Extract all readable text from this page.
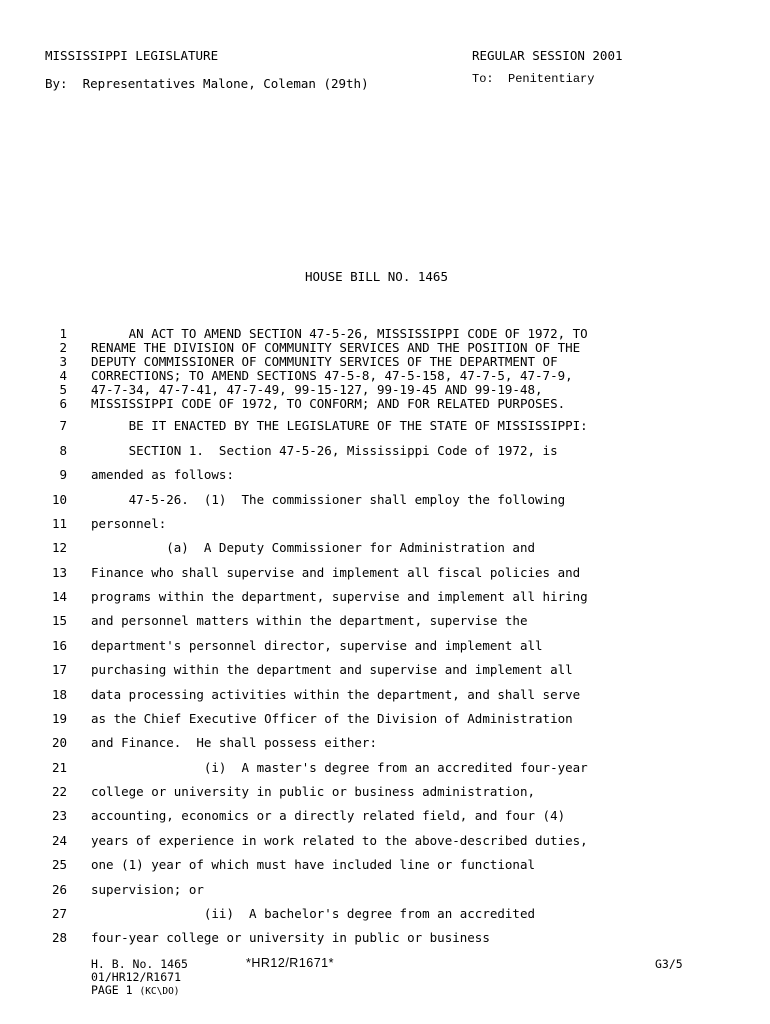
MISSISSIPPI LEGISLATURE	REGULAR SESSION 2001
By:  Representatives Malone, Coleman (29th)	To:  Penitentiary
HOUSE BILL NO. 1465
1 AN ACT TO AMEND SECTION 47-5-26, MISSISSIPPI CODE OF 1972, TO
2 RENAME THE DIVISION OF COMMUNITY SERVICES AND THE POSITION OF THE
3 DEPUTY COMMISSIONER OF COMMUNITY SERVICES OF THE DEPARTMENT OF
4 CORRECTIONS; TO AMEND SECTIONS 47-5-8, 47-5-158, 47-7-5, 47-7-9,
5 47-7-34, 47-7-41, 47-7-49, 99-15-127, 99-19-45 AND 99-19-48,
6 MISSISSIPPI CODE OF 1972, TO CONFORM; AND FOR RELATED PURPOSES.
7 BE IT ENACTED BY THE LEGISLATURE OF THE STATE OF MISSISSIPPI:
8 SECTION 1.  Section 47-5-26, Mississippi Code of 1972, is
9 amended as follows:
10 47-5-26.  (1)  The commissioner shall employ the following
11 personnel:
12 (a)  A Deputy Commissioner for Administration and
13 Finance who shall supervise and implement all fiscal policies and
14 programs within the department, supervise and implement all hiring
15 and personnel matters within the department, supervise the
16 department's personnel director, supervise and implement all
17 purchasing within the department and supervise and implement all
18 data processing activities within the department, and shall serve
19 as the Chief Executive Officer of the Division of Administration
20 and Finance.  He shall possess either:
21 (i)  A master's degree from an accredited four-year
22 college or university in public or business administration,
23 accounting, economics or a directly related field, and four (4)
24 years of experience in work related to the above-described duties,
25 one (1) year of which must have included line or functional
26 supervision; or
27 (ii)  A bachelor's degree from an accredited
28 four-year college or university in public or business
H. B. No. 1465	*HR12/R1671*
01/HR12/R1671
PAGE 1 (KC\DO)
G3/5
